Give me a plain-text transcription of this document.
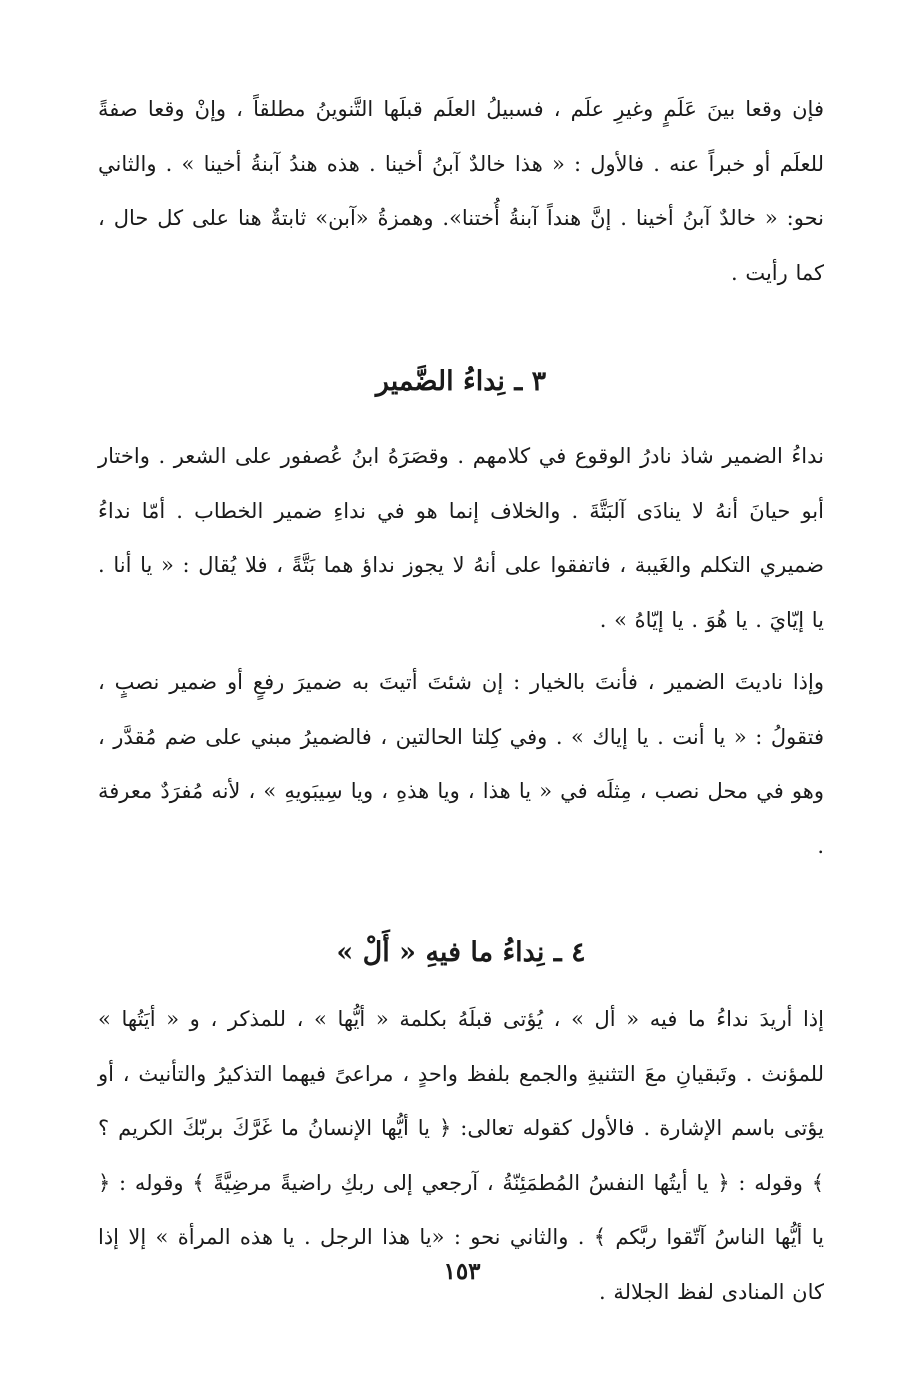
فإن وقعا بينَ عَلَمٍ وغيرِ علَم ، فسبيلُ العلَم قبلَها التَّنوينُ مطلقاً ، وإنْ وقعا صفةً للعلَم أو خبراً عنه . فالأول : « هذا خالدٌ آبنُ أخينا . هذه هندُ آبنةُ أخينا » . والثاني نحو: « خالدٌ آبنُ أخينا . إنَّ هنداً آبنةُ أُختنا». وهمزةُ «آبن» ثابتةٌ هنا على كل حال ، كما رأيت .

٣ ـ نِداءُ الضَّمير

نداءُ الضمير شاذ نادرُ الوقوع في كلامهم . وقصَرَهُ ابنُ عُصفور على الشعر . واختار أبو حيانَ أنهُ لا ينادَى آلبَتَّةَ . والخلاف إنما هو في نداءِ ضمير الخطاب . أمّا نداءُ ضميري التكلم والغَيبة ، فاتفقوا على أنهُ لا يجوز نداؤ هما بَتَّةً ، فلا يُقال : « يا أنا . يا إيّايَ . يا هُوَ . يا إيّاهُ » .

وإذا ناديتَ الضمير ، فأنتَ بالخيار : إن شئتَ أتيتَ به ضميرَ رفعٍ أو ضمير نصبٍ ، فتقولُ : « يا أنت . يا إياك » . وفي كِلتا الحالتين ، فالضميرُ مبني على ضم مُقدَّر ، وهو في محل نصب ، مِثلَه في « يا هذا ، ويا هذهِ ، ويا سِيبَويهِ » ، لأنه مُفرَدٌ معرفة .

٤ ـ نِداءُ ما فيهِ « أَلْ »

إذا أريدَ نداءُ ما فيه « أل » ، يُؤتى قبلَهُ بكلمة « أيُّها » ، للمذكر ، و « أيَتُها » للمؤنث . وتَبقيانِ معَ التثنيةِ والجمع بلفظ واحدٍ ، مراعىً فيهما التذكيرُ والتأنيث ، أو يؤتى باسم الإشارة . فالأول كقوله تعالى: ﴿ يا أيُّها الإنسانُ ما غَرَّكَ بربّكَ الكريم ؟ ﴾ وقوله : ﴿ يا أيتُها النفسُ المُطمَئِنّةُ ، آرجعي إلى ربكِ راضيةً مرضِيَّةً ﴾ وقوله : ﴿ يا أيُّها الناسُ آتّقوا ربَّكم ﴾ . والثاني نحو : «يا هذا الرجل . يا هذه المرأة » إلا إذا كان المنادى لفظ الجلالة .

١٥٣
